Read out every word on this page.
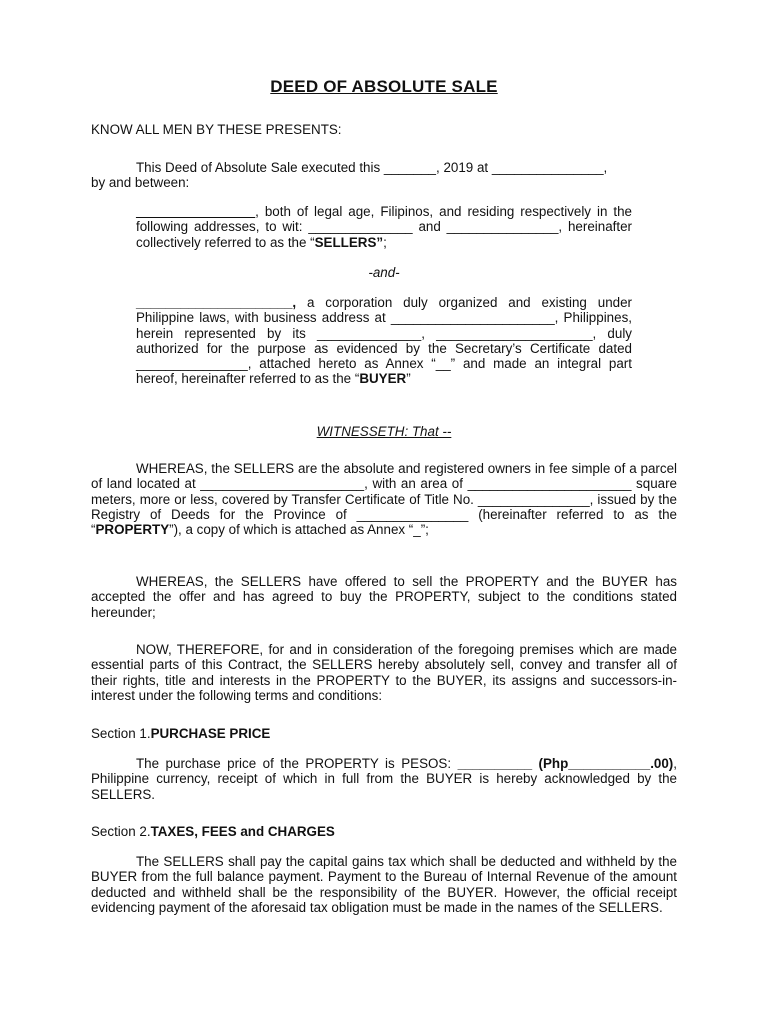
DEED OF ABSOLUTE SALE
KNOW ALL MEN BY THESE PRESENTS:

This Deed of Absolute Sale executed this _______, 2019 at _______________,

by and between:

________________, both of legal age, Filipinos, and residing respectively in the following addresses, to wit: ______________ and _______________, hereinafter collectively referred to as the “SELLERS”;

-and-

_____________________, a corporation duly organized and existing under Philippine laws, with business address at ______________________, Philippines, herein represented by its ______________, _____________________, duly authorized for the purpose as evidenced by the Secretary’s Certificate dated _______________, attached hereto as Annex “__” and made an integral part hereof, hereinafter referred to as the “BUYER”

WITNESSETH: That --

WHEREAS, the SELLERS are the absolute and registered owners in fee simple of a parcel of land located at ______________________, with an area of ______________________ square meters, more or less, covered by Transfer Certificate of Title No. _______________, issued by the Registry of Deeds for the Province of _______________ (hereinafter referred to as the “PROPERTY”), a copy of which is attached as Annex “_”;

WHEREAS, the SELLERS have offered to sell the PROPERTY and the BUYER has accepted the offer and has agreed to buy the PROPERTY, subject to the conditions stated hereunder;

NOW, THEREFORE, for and in consideration of the foregoing premises which are made essential parts of this Contract, the SELLERS hereby absolutely sell, convey and transfer all of their rights, title and interests in the PROPERTY to the BUYER, its assigns and successors-in-interest under the following terms and conditions:

Section 1.PURCHASE PRICE

The purchase price of the PROPERTY is PESOS: __________ (Php___________.00), Philippine currency, receipt of which in full from the BUYER is hereby acknowledged by the SELLERS.

Section 2.TAXES, FEES and CHARGES

The SELLERS shall pay the capital gains tax which shall be deducted and withheld by the BUYER from the full balance payment. Payment to the Bureau of Internal Revenue of the amount deducted and withheld shall be the responsibility of the BUYER. However, the official receipt evidencing payment of the aforesaid tax obligation must be made in the names of the SELLERS.
